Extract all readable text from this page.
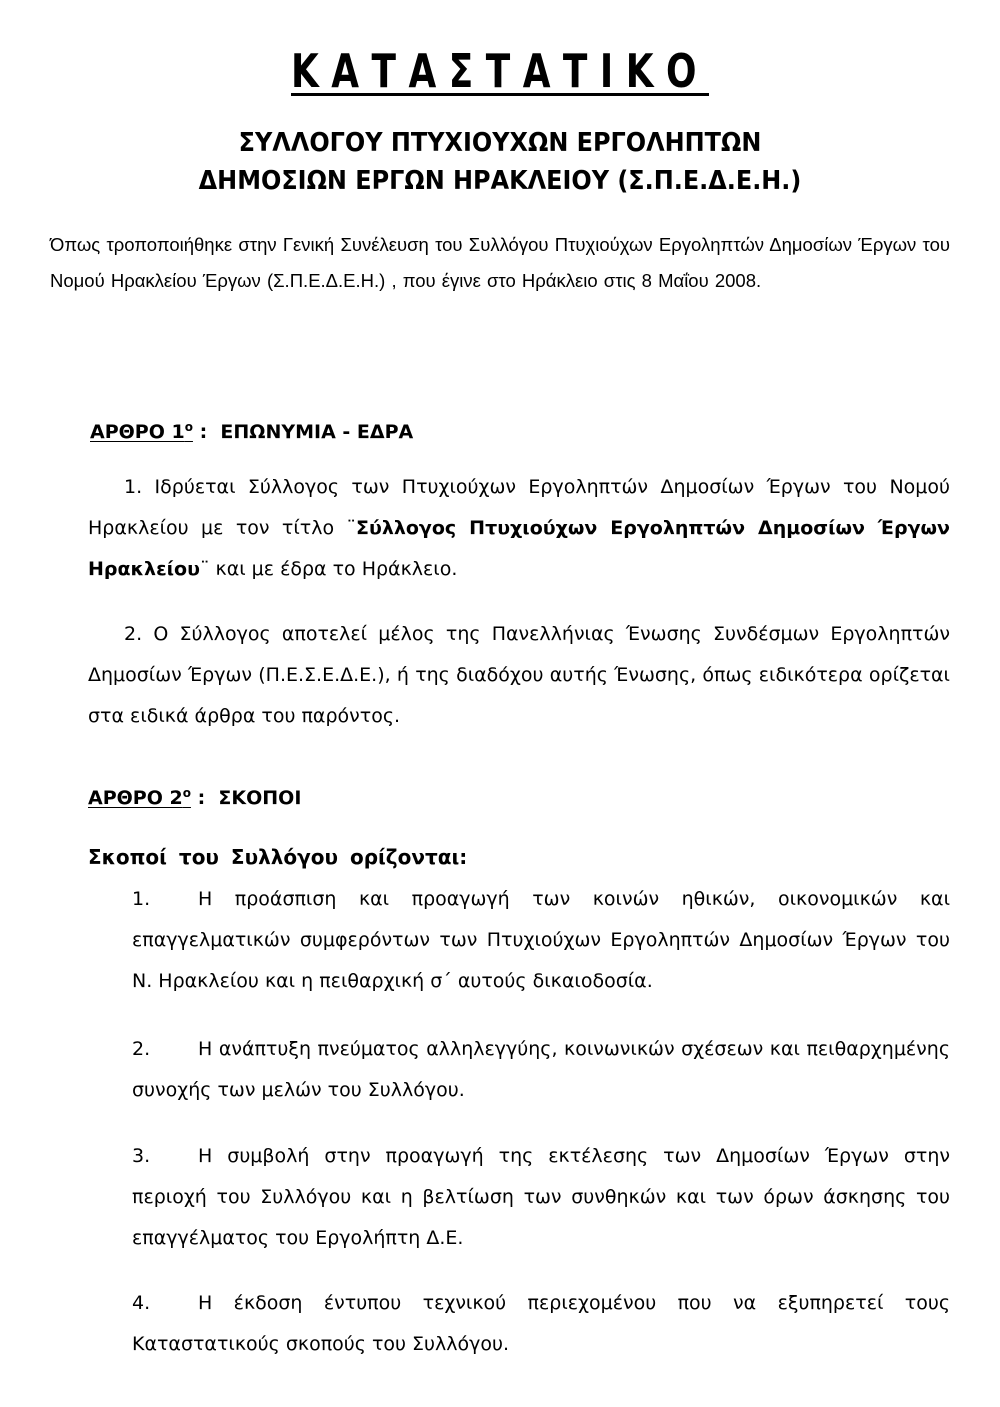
ΚΑΤΑΣΤΑΤΙΚΟ
ΣΥΛΛΟΓΟΥ ΠΤΥΧΙΟΥΧΩΝ ΕΡΓΟΛΗΠΤΩΝ
ΔΗΜΟΣΙΩΝ ΕΡΓΩΝ ΗΡΑΚΛΕΙΟΥ (Σ.Π.Ε.Δ.Ε.Η.)
Όπως τροποποιήθηκε στην Γενική Συνέλευση του Συλλόγου Πτυχιούχων Εργοληπτών Δημοσίων Έργων του Νομού Ηρακλείου Έργων (Σ.Π.Ε.Δ.Ε.Η.) , που έγινε στο Ηράκλειο στις 8 Μαΐου 2008.
ΑΡΘΡΟ $1^o$ :  ΕΠΩΝΥΜΙΑ - ΕΔΡΑ
1. Ιδρύεται Σύλλογος των Πτυχιούχων Εργοληπτών Δημοσίων Έργων του Νομού Ηρακλείου με τον τίτλο ¨Σύλλογος Πτυχιούχων Εργοληπτών Δημοσίων Έργων Ηρακλείου¨ και με έδρα το Ηράκλειο.
2. Ο Σύλλογος αποτελεί μέλος της Πανελλήνιας Ένωσης Συνδέσμων Εργοληπτών Δημοσίων Έργων (Π.Ε.Σ.Ε.Δ.Ε.), ή της διαδόχου αυτής Ένωσης, όπως ειδικότερα ορίζεται στα ειδικά άρθρα του παρόντος.
ΑΡΘΡΟ $2^o$ :  ΣΚΟΠΟΙ
Σκοποί του Συλλόγου ορίζονται:
1.	Η προάσπιση και προαγωγή των κοινών ηθικών, οικονομικών και επαγγελματικών συμφερόντων των Πτυχιούχων Εργοληπτών Δημοσίων Έργων του Ν. Ηρακλείου και η πειθαρχική σ΄ αυτούς δικαιοδοσία.
2.	Η ανάπτυξη πνεύματος αλληλεγγύης, κοινωνικών σχέσεων και πειθαρχημένης συνοχής των μελών του Συλλόγου.
3.	Η συμβολή στην προαγωγή της εκτέλεσης των Δημοσίων Έργων στην περιοχή του Συλλόγου και η βελτίωση των συνθηκών και των όρων άσκησης του επαγγέλματος του Εργολήπτη Δ.Ε.
4.	Η έκδοση έντυπου τεχνικού περιεχομένου που να εξυπηρετεί τους Καταστατικούς σκοπούς του Συλλόγου.
